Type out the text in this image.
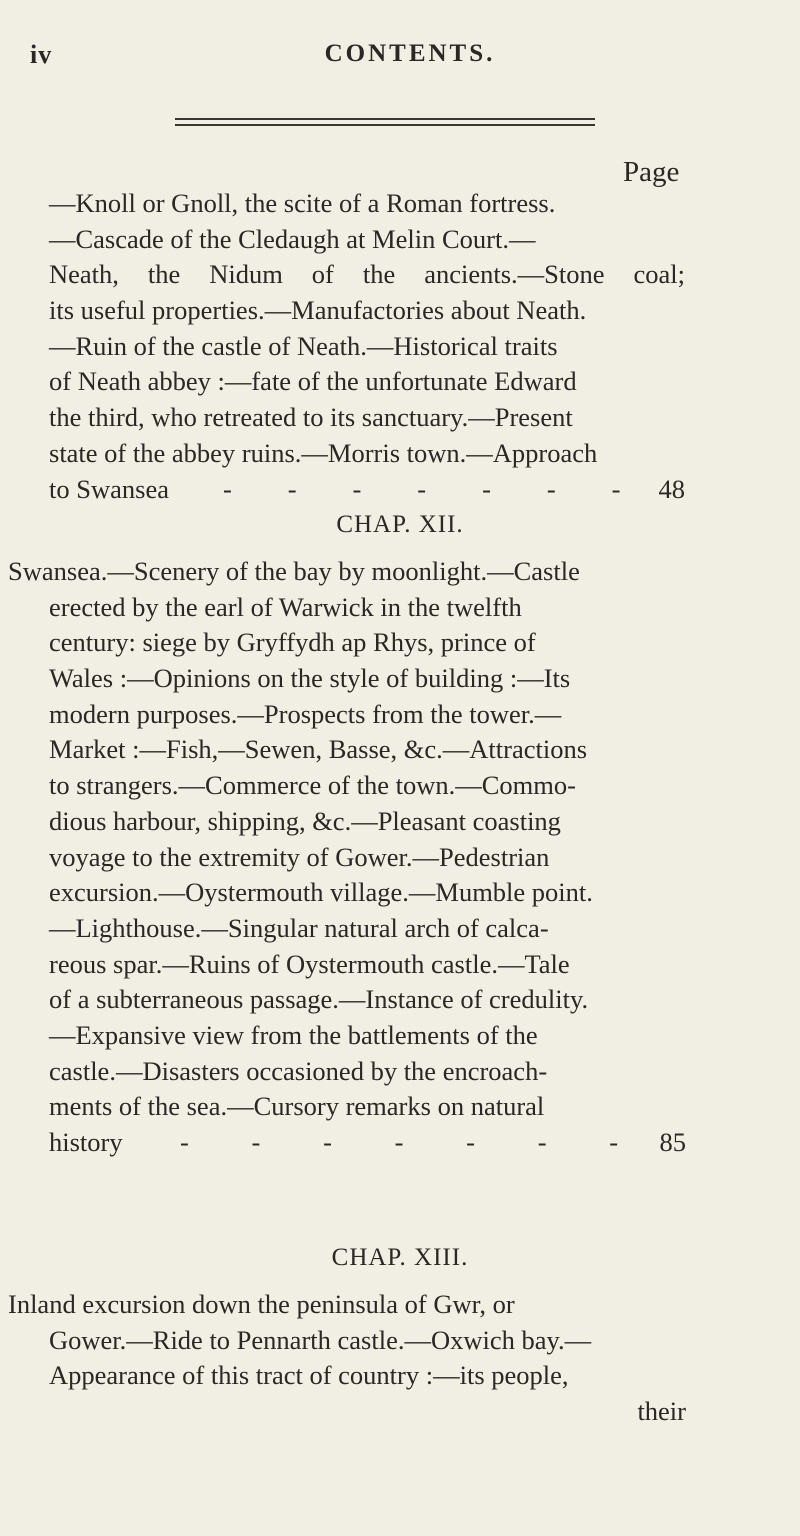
iv	CONTENTS.
Page
—Knoll or Gnoll, the scite of a Roman fortress.
—Cascade of the Cledaugh at Melin Court.—
Neath, the Nidum of the ancients.—Stone coal;
its useful properties.—Manufactories about Neath.
—Ruin of the castle of Neath.—Historical traits
of Neath abbey :—fate of the unfortunate Edward
the third, who retreated to its sanctuary.—Present
state of the abbey ruins.—Morris town.—Approach
to Swansea - - - - - - - 48
CHAP. XII.
Swansea.—Scenery of the bay by moonlight.—Castle
erected by the earl of Warwick in the twelfth
century: siege by Gryffydh ap Rhys, prince of
Wales :—Opinions on the style of building :—Its
modern purposes.—Prospects from the tower.—
Market :—Fish,—Sewen, Basse, &c.—Attractions
to strangers.—Commerce of the town.—Commo-
dious harbour, shipping, &c.—Pleasant coasting
voyage to the extremity of Gower.—Pedestrian
excursion.—Oystermouth village.—Mumble point.
—Lighthouse.—Singular natural arch of calca-
reous spar.—Ruins of Oystermouth castle.—Tale
of a subterraneous passage.—Instance of credulity.
—Expansive view from the battlements of the
castle.—Disasters occasioned by the encroach-
ments of the sea.—Cursory remarks on natural
history - - - - - - - 85
CHAP. XIII.
Inland excursion down the peninsula of Gwr, or
Gower.—Ride to Pennarth castle.—Oxwich bay.—
Appearance of this tract of country :—its people,
their
